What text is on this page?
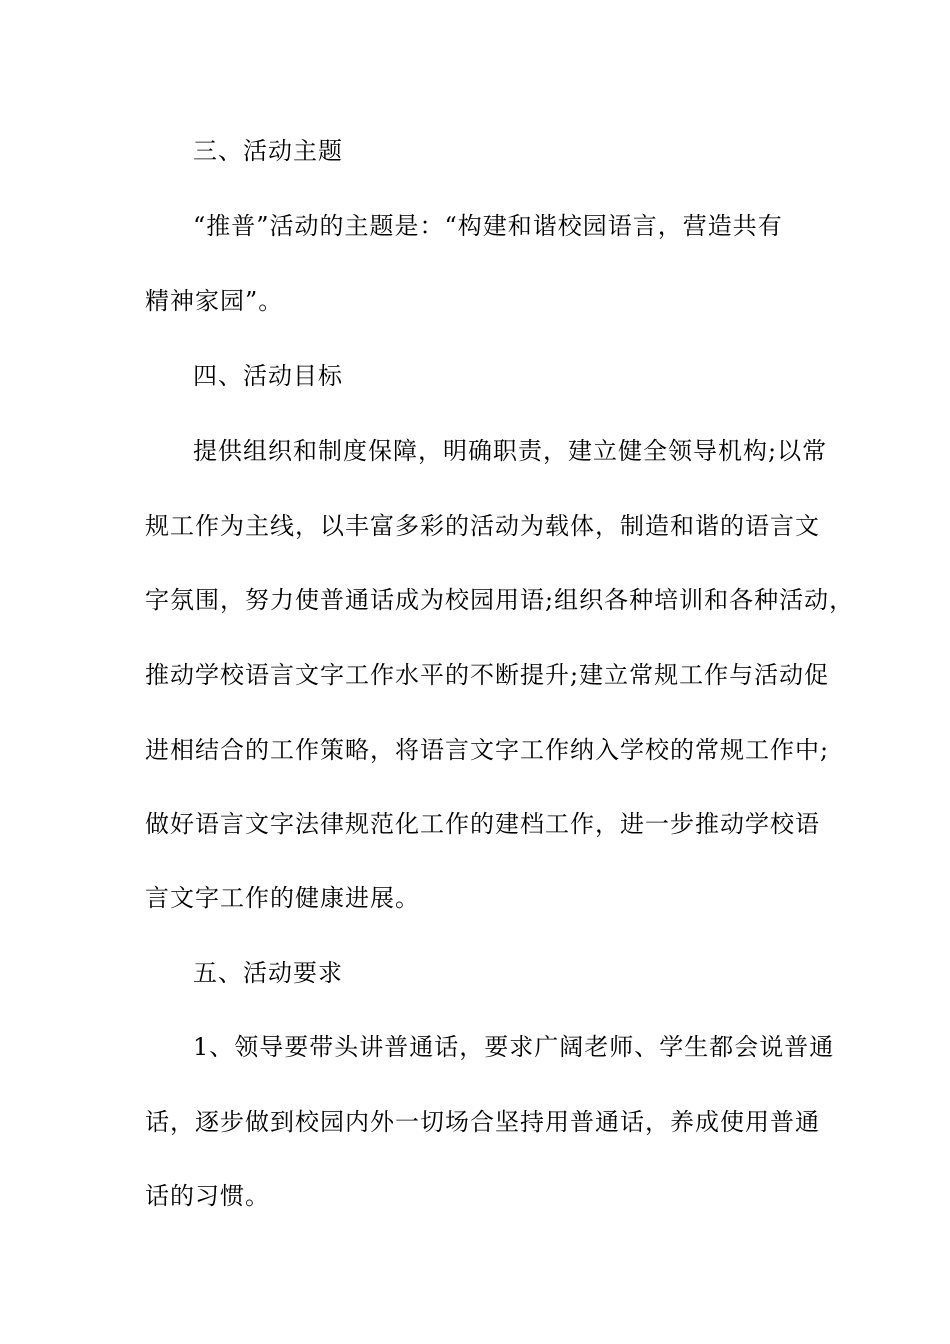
三、活动主题
“推普”活动的主题是：“构建和谐校园语言，营造共有
精神家园”。
四、活动目标
提供组织和制度保障，明确职责，建立健全领导机构;以常
规工作为主线，以丰富多彩的活动为载体，制造和谐的语言文
字氛围，努力使普通话成为校园用语;组织各种培训和各种活动，
推动学校语言文字工作水平的不断提升;建立常规工作与活动促
进相结合的工作策略，将语言文字工作纳入学校的常规工作中;
做好语言文字法律规范化工作的建档工作，进一步推动学校语
言文字工作的健康进展。
五、活动要求
1、领导要带头讲普通话，要求广阔老师、学生都会说普通
话，逐步做到校园内外一切场合坚持用普通话，养成使用普通
话的习惯。
